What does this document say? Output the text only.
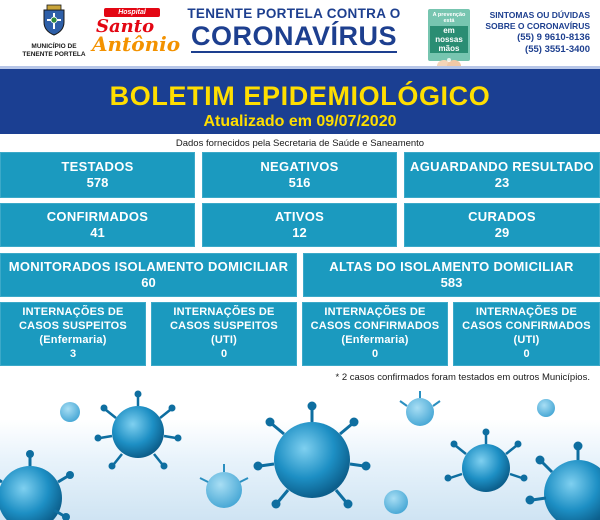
MUNICÍPIO DE
TENENTE PORTELA
Hospital
Santo
Antônio
TENENTE PORTELA CONTRA O
CORONAVÍRUS
A prevenção está
em nossas mãos
SINTOMAS OU DÚVIDAS
SOBRE O CORONAVÍRUS
(55) 9 9610-8136
(55) 3551-3400
BOLETIM EPIDEMIOLÓGICO
Atualizado em 09/07/2020
Dados fornecidos pela Secretaria de Saúde e Saneamento
TESTADOS
578
NEGATIVOS
516
AGUARDANDO RESULTADO
23
CONFIRMADOS
41
ATIVOS
12
CURADOS
29
MONITORADOS ISOLAMENTO DOMICILIAR
60
ALTAS DO ISOLAMENTO DOMICILIAR
583
INTERNAÇÕES DE
CASOS SUSPEITOS
(Enfermaria)
3
INTERNAÇÕES DE
CASOS SUSPEITOS
(UTI)
0
INTERNAÇÕES DE
CASOS CONFIRMADOS
(Enfermaria)
0
INTERNAÇÕES DE
CASOS CONFIRMADOS
(UTI)
0
* 2 casos confirmados foram testados em outros Municípios.
